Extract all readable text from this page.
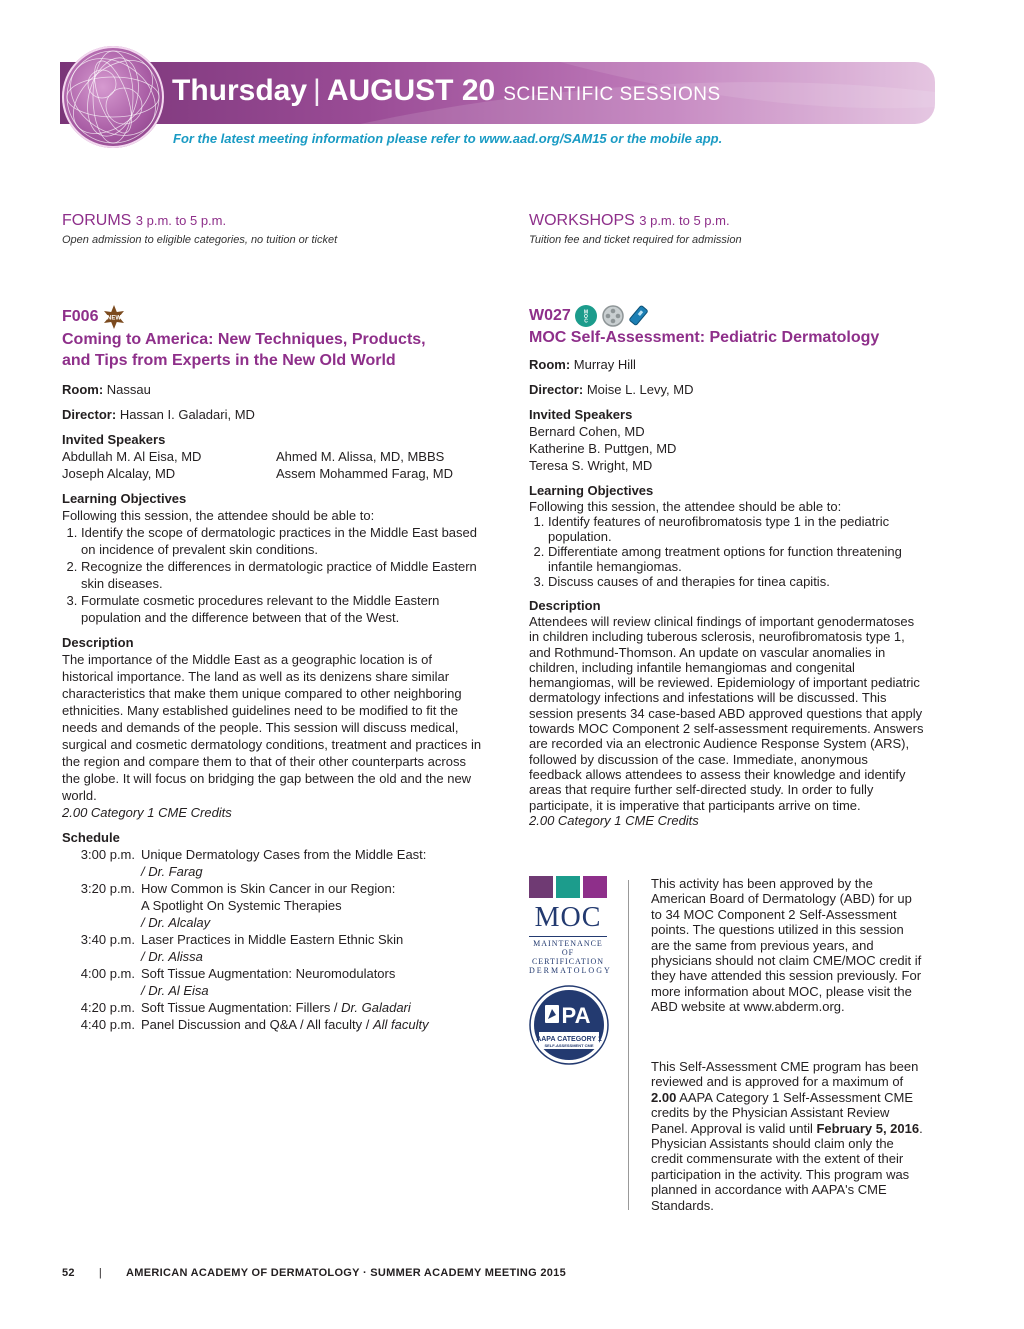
Thursday | AUGUST 20 SCIENTIFIC SESSIONS
For the latest meeting information please refer to www.aad.org/SAM15 or the mobile app.
FORUMS 3 p.m. to 5 p.m.
Open admission to eligible categories, no tuition or ticket
F006 NEW
Coming to America: New Techniques, Products,
and Tips from Experts in the New Old World
Room: Nassau
Director: Hassan I. Galadari, MD
Invited Speakers
Abdullah M. Al Eisa, MD	Ahmed M. Alissa, MD, MBBS
Joseph Alcalay, MD	Assem Mohammed Farag, MD
Learning Objectives
Following this session, the attendee should be able to:
1. Identify the scope of dermatologic practices in the Middle East based on incidence of prevalent skin conditions.
2. Recognize the differences in dermatologic practice of Middle Eastern skin diseases.
3. Formulate cosmetic procedures relevant to the Middle Eastern population and the difference between that of the West.
Description
The importance of the Middle East as a geographic location is of historical importance. The land as well as its denizens share similar characteristics that make them unique compared to other neighboring ethnicities. Many established guidelines need to be modified to fit the needs and demands of the people. This session will discuss medical, surgical and cosmetic dermatology conditions, treatment and practices in the region and compare them to that of their other counterparts across the globe. It will focus on bridging the gap between the old and the new world.
2.00 Category 1 CME Credits
Schedule
3:00 p.m. Unique Dermatology Cases from the Middle East:
/ Dr. Farag
3:20 p.m. How Common is Skin Cancer in our Region:
A Spotlight On Systemic Therapies
/ Dr. Alcalay
3:40 p.m. Laser Practices in Middle Eastern Ethnic Skin
/ Dr. Alissa
4:00 p.m. Soft Tissue Augmentation: Neuromodulators
/ Dr. Al Eisa
4:20 p.m. Soft Tissue Augmentation: Fillers / Dr. Galadari
4:40 p.m. Panel Discussion and Q&A / All faculty / All faculty
WORKSHOPS 3 p.m. to 5 p.m.
Tuition fee and ticket required for admission
W027	M
O
C
MOC Self-Assessment: Pediatric Dermatology
Room: Murray Hill
Director: Moise L. Levy, MD
Invited Speakers
Bernard Cohen, MD
Katherine B. Puttgen, MD
Teresa S. Wright, MD
Learning Objectives
Following this session, the attendee should be able to:
1. Identify features of neurofibromatosis type 1 in the pediatric population.
2. Differentiate among treatment options for function threatening infantile hemangiomas.
3. Discuss causes of and therapies for tinea capitis.
Description
Attendees will review clinical findings of important genodermatoses in children including tuberous sclerosis, neurofibromatosis type 1, and Rothmund-Thomson. An update on vascular anomalies in children, including infantile hemangiomas and congenital hemangiomas, will be reviewed. Epidemiology of important pediatric dermatology infections and infestations will be discussed. This session presents 34 case-based ABD approved questions that apply towards MOC Component 2 self-assessment requirements. Answers are recorded via an electronic Audience Response System (ARS), followed by discussion of the case. Immediate, anonymous feedback allows attendees to assess their knowledge and identify areas that require further self-directed study. In order to fully participate, it is imperative that participants arrive on time.
2.00 Category 1 CME Credits
MOC
MAINTENANCE
OF CERTIFICATION
DERMATOLOGY
PA
AAPA CATEGORY 1
SELF-ASSESSMENT CME
This activity has been approved by the American Board of Dermatology (ABD) for up to 34 MOC Component 2 Self-Assessment points. The questions utilized in this session are the same from previous years, and physicians should not claim CME/MOC credit if they have attended this session previously. For more information about MOC, please visit the ABD website at www.abderm.org.
This Self-Assessment CME program has been reviewed and is approved for a maximum of 2.00 AAPA Category 1 Self-Assessment CME credits by the Physician Assistant Review Panel. Approval is valid until February 5, 2016. Physician Assistants should claim only the credit commensurate with the extent of their participation in the activity. This program was planned in accordance with AAPA's CME Standards.
52 | AMERICAN ACADEMY OF DERMATOLOGY · SUMMER ACADEMY MEETING 2015
